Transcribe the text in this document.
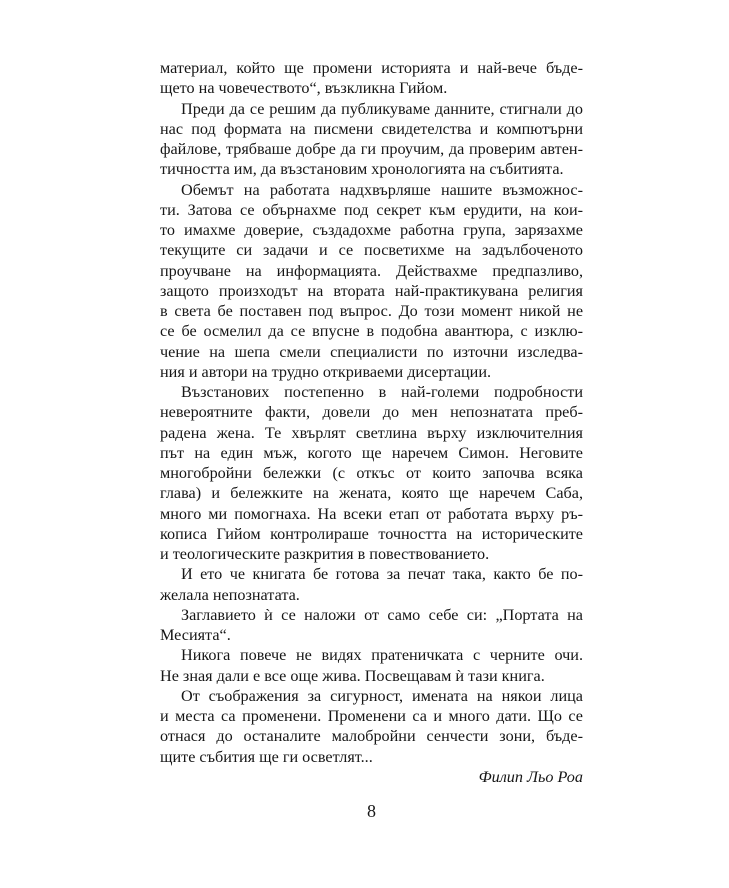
материал, който ще промени историята и най-вече бъде-
щето на човечеството“, възкликна Гийом.
Преди да се решим да публикуваме данните, стигнали до
нас под формата на писмени свидетелства и компютърни
файлове, трябваше добре да ги проучим, да проверим автен-
тичността им, да възстановим хронологията на събитията.
Обемът на работата надхвърляше нашите възможнос-
ти. Затова се обърнахме под секрет към ерудити, на кои-
то имахме доверие, създадохме работна група, зарязахме
текущите си задачи и се посветихме на задълбоченото
проучване на информацията. Действахме предпазливо,
защото произходът на втората най-практикувана религия
в света бе поставен под въпрос. До този момент никой не
се бе осмелил да се впусне в подобна авантюра, с изклю-
чение на шепа смели специалисти по източни изследва-
ния и автори на трудно откриваеми дисертации.
Възстанових постепенно в най-големи подробности
невероятните факти, довели до мен непознатата преб-
радена жена. Те хвърлят светлина върху изключителния
път на един мъж, когото ще наречем Симон. Неговите
многобройни бележки (с откъс от които започва всяка
глава) и бележките на жената, която ще наречем Саба,
много ми помогнаха. На всеки етап от работата върху ръ-
кописа Гийом контролираше точността на историческите
и теологическите разкрития в повествованието.
И ето че книгата бе готова за печат така, както бе по-
желала непознатата.
Заглавието ѝ се наложи от само себе си: „Портата на
Месията“.
Никога повече не видях пратеничката с черните очи.
Не зная дали е все още жива. Посвещавам ѝ тази книга.
От съображения за сигурност, имената на някои лица
и места са променени. Променени са и много дати. Що се
отнася до останалите малобройни сенчести зони, бъде-
щите събития ще ги осветлят...
Филип Льо Роа
8
